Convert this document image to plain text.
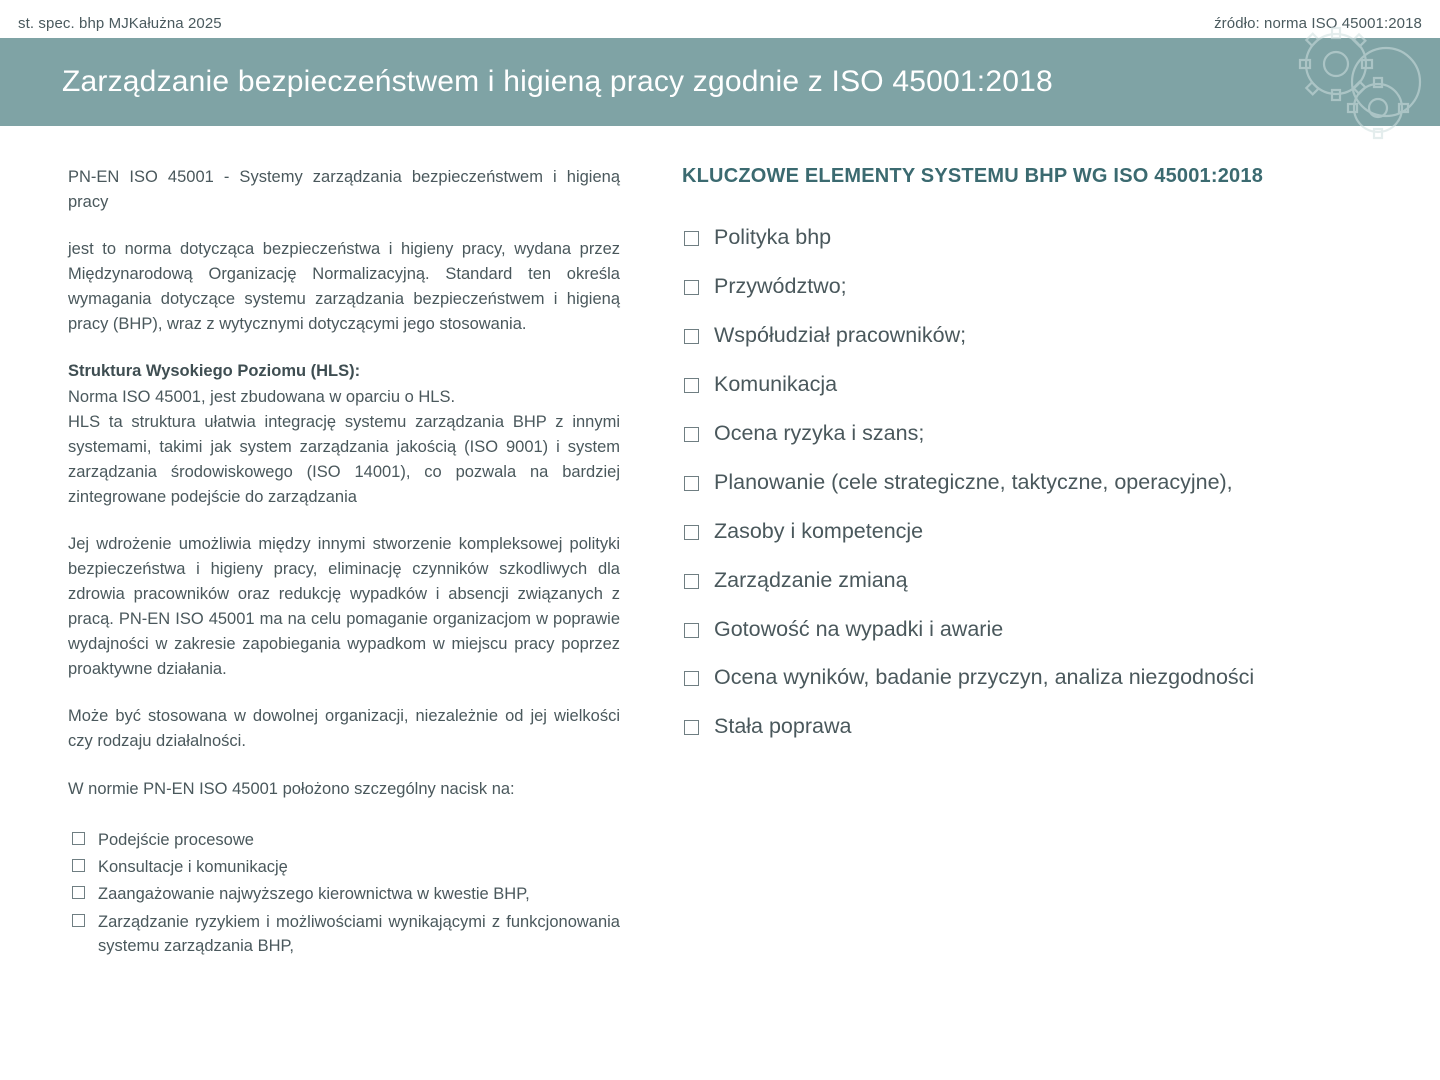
st. spec. bhp MJKałużna 2025	źródło: norma ISO 45001:2018
Zarządzanie bezpieczeństwem i higieną pracy zgodnie z ISO 45001:2018

PN-EN ISO 45001 - Systemy zarządzania bezpieczeństwem i higieną pracy

jest to norma dotycząca bezpieczeństwa i higieny pracy, wydana przez Międzynarodową Organizację Normalizacyjną. Standard ten określa wymagania dotyczące systemu zarządzania bezpieczeństwem i higieną pracy (BHP), wraz z wytycznymi dotyczącymi jego stosowania.

Struktura Wysokiego Poziomu (HLS):

Norma ISO 45001, jest zbudowana w oparciu o HLS.
HLS ta struktura ułatwia integrację systemu zarządzania BHP z innymi systemami, takimi jak system zarządzania jakością (ISO 9001) i system zarządzania środowiskowego (ISO 14001), co pozwala na bardziej zintegrowane podejście do zarządzania

Jej wdrożenie umożliwia między innymi stworzenie kompleksowej polityki bezpieczeństwa i higieny pracy, eliminację czynników szkodliwych dla zdrowia pracowników oraz redukcję wypadków i absencji związanych z pracą. PN-EN ISO 45001 ma na celu pomaganie organizacjom w poprawie wydajności w zakresie zapobiegania wypadkom w miejscu pracy poprzez proaktywne działania.

Może być stosowana w dowolnej organizacji, niezależnie od jej wielkości czy rodzaju działalności.

W normie PN-EN ISO 45001 położono szczególny nacisk na:

Podejście procesowe
Konsultacje i komunikację
Zaangażowanie najwyższego kierownictwa w kwestie BHP,
Zarządzanie ryzykiem i możliwościami wynikającymi z funkcjonowania systemu zarządzania BHP,
KLUCZOWE ELEMENTY SYSTEMU BHP WG ISO 45001:2018
Polityka bhp
Przywództwo;
Współudział pracowników;
Komunikacja
Ocena ryzyka i szans;
Planowanie (cele strategiczne, taktyczne, operacyjne),
Zasoby i kompetencje
Zarządzanie zmianą
Gotowość na wypadki i awarie
Ocena wyników, badanie przyczyn, analiza niezgodności
Stała poprawa
